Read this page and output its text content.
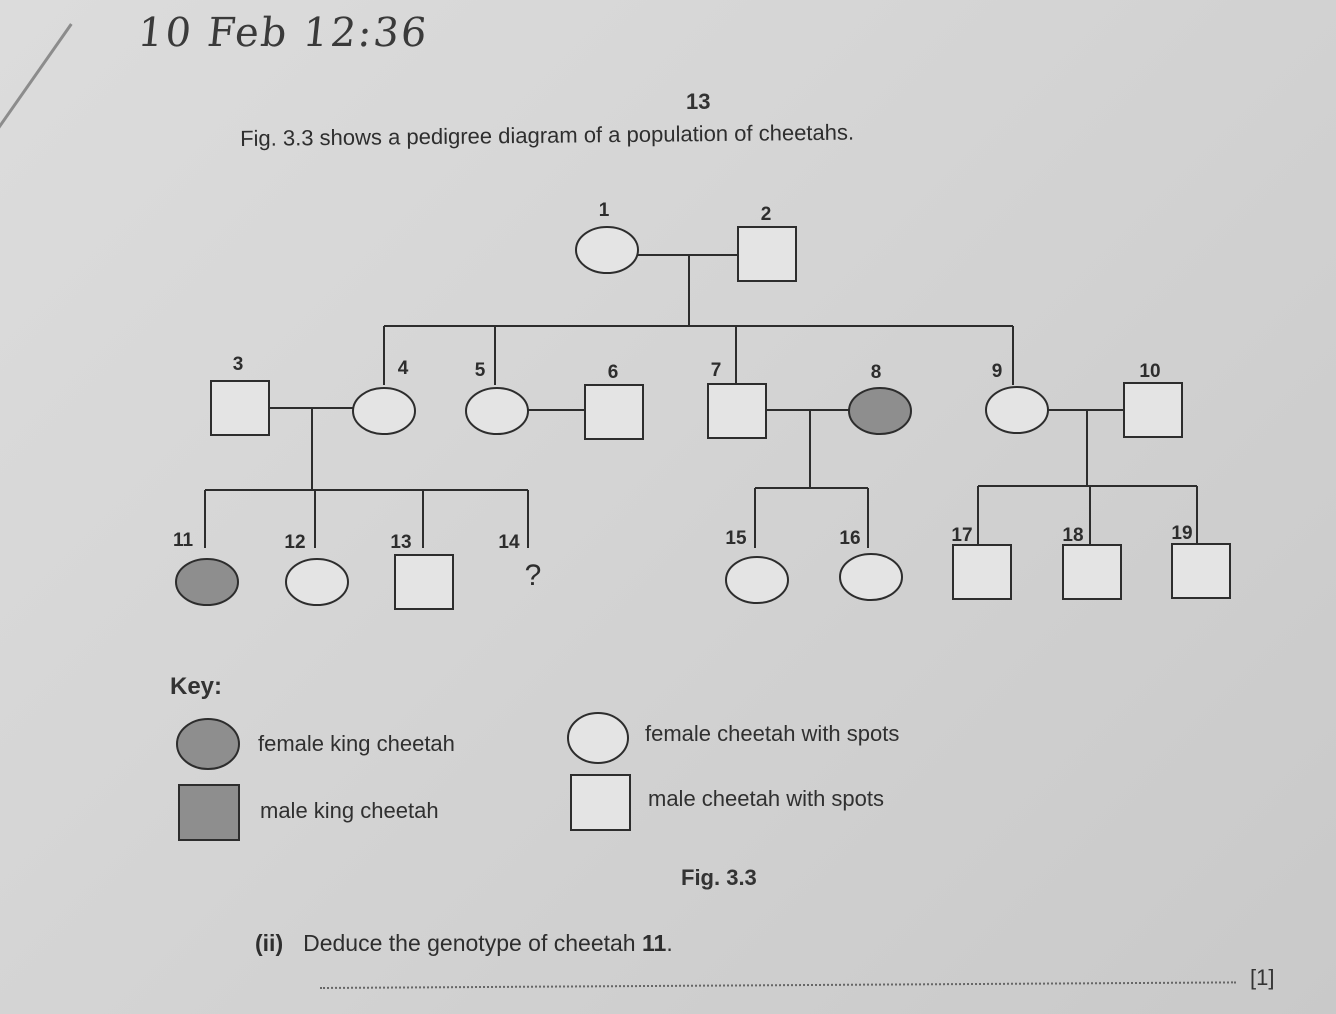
10 Feb 12:36
13
Fig. 3.3 shows a pedigree diagram of a population of cheetahs.
1	2
3	4	5	6	7	8	9	10
11	12	13
?
14	15	16	17	18	19
Key:
female king cheetah	female cheetah with spots
male king cheetah	male cheetah with spots
Fig. 3.3
(ii) Deduce the genotype of cheetah 11.
[1]
